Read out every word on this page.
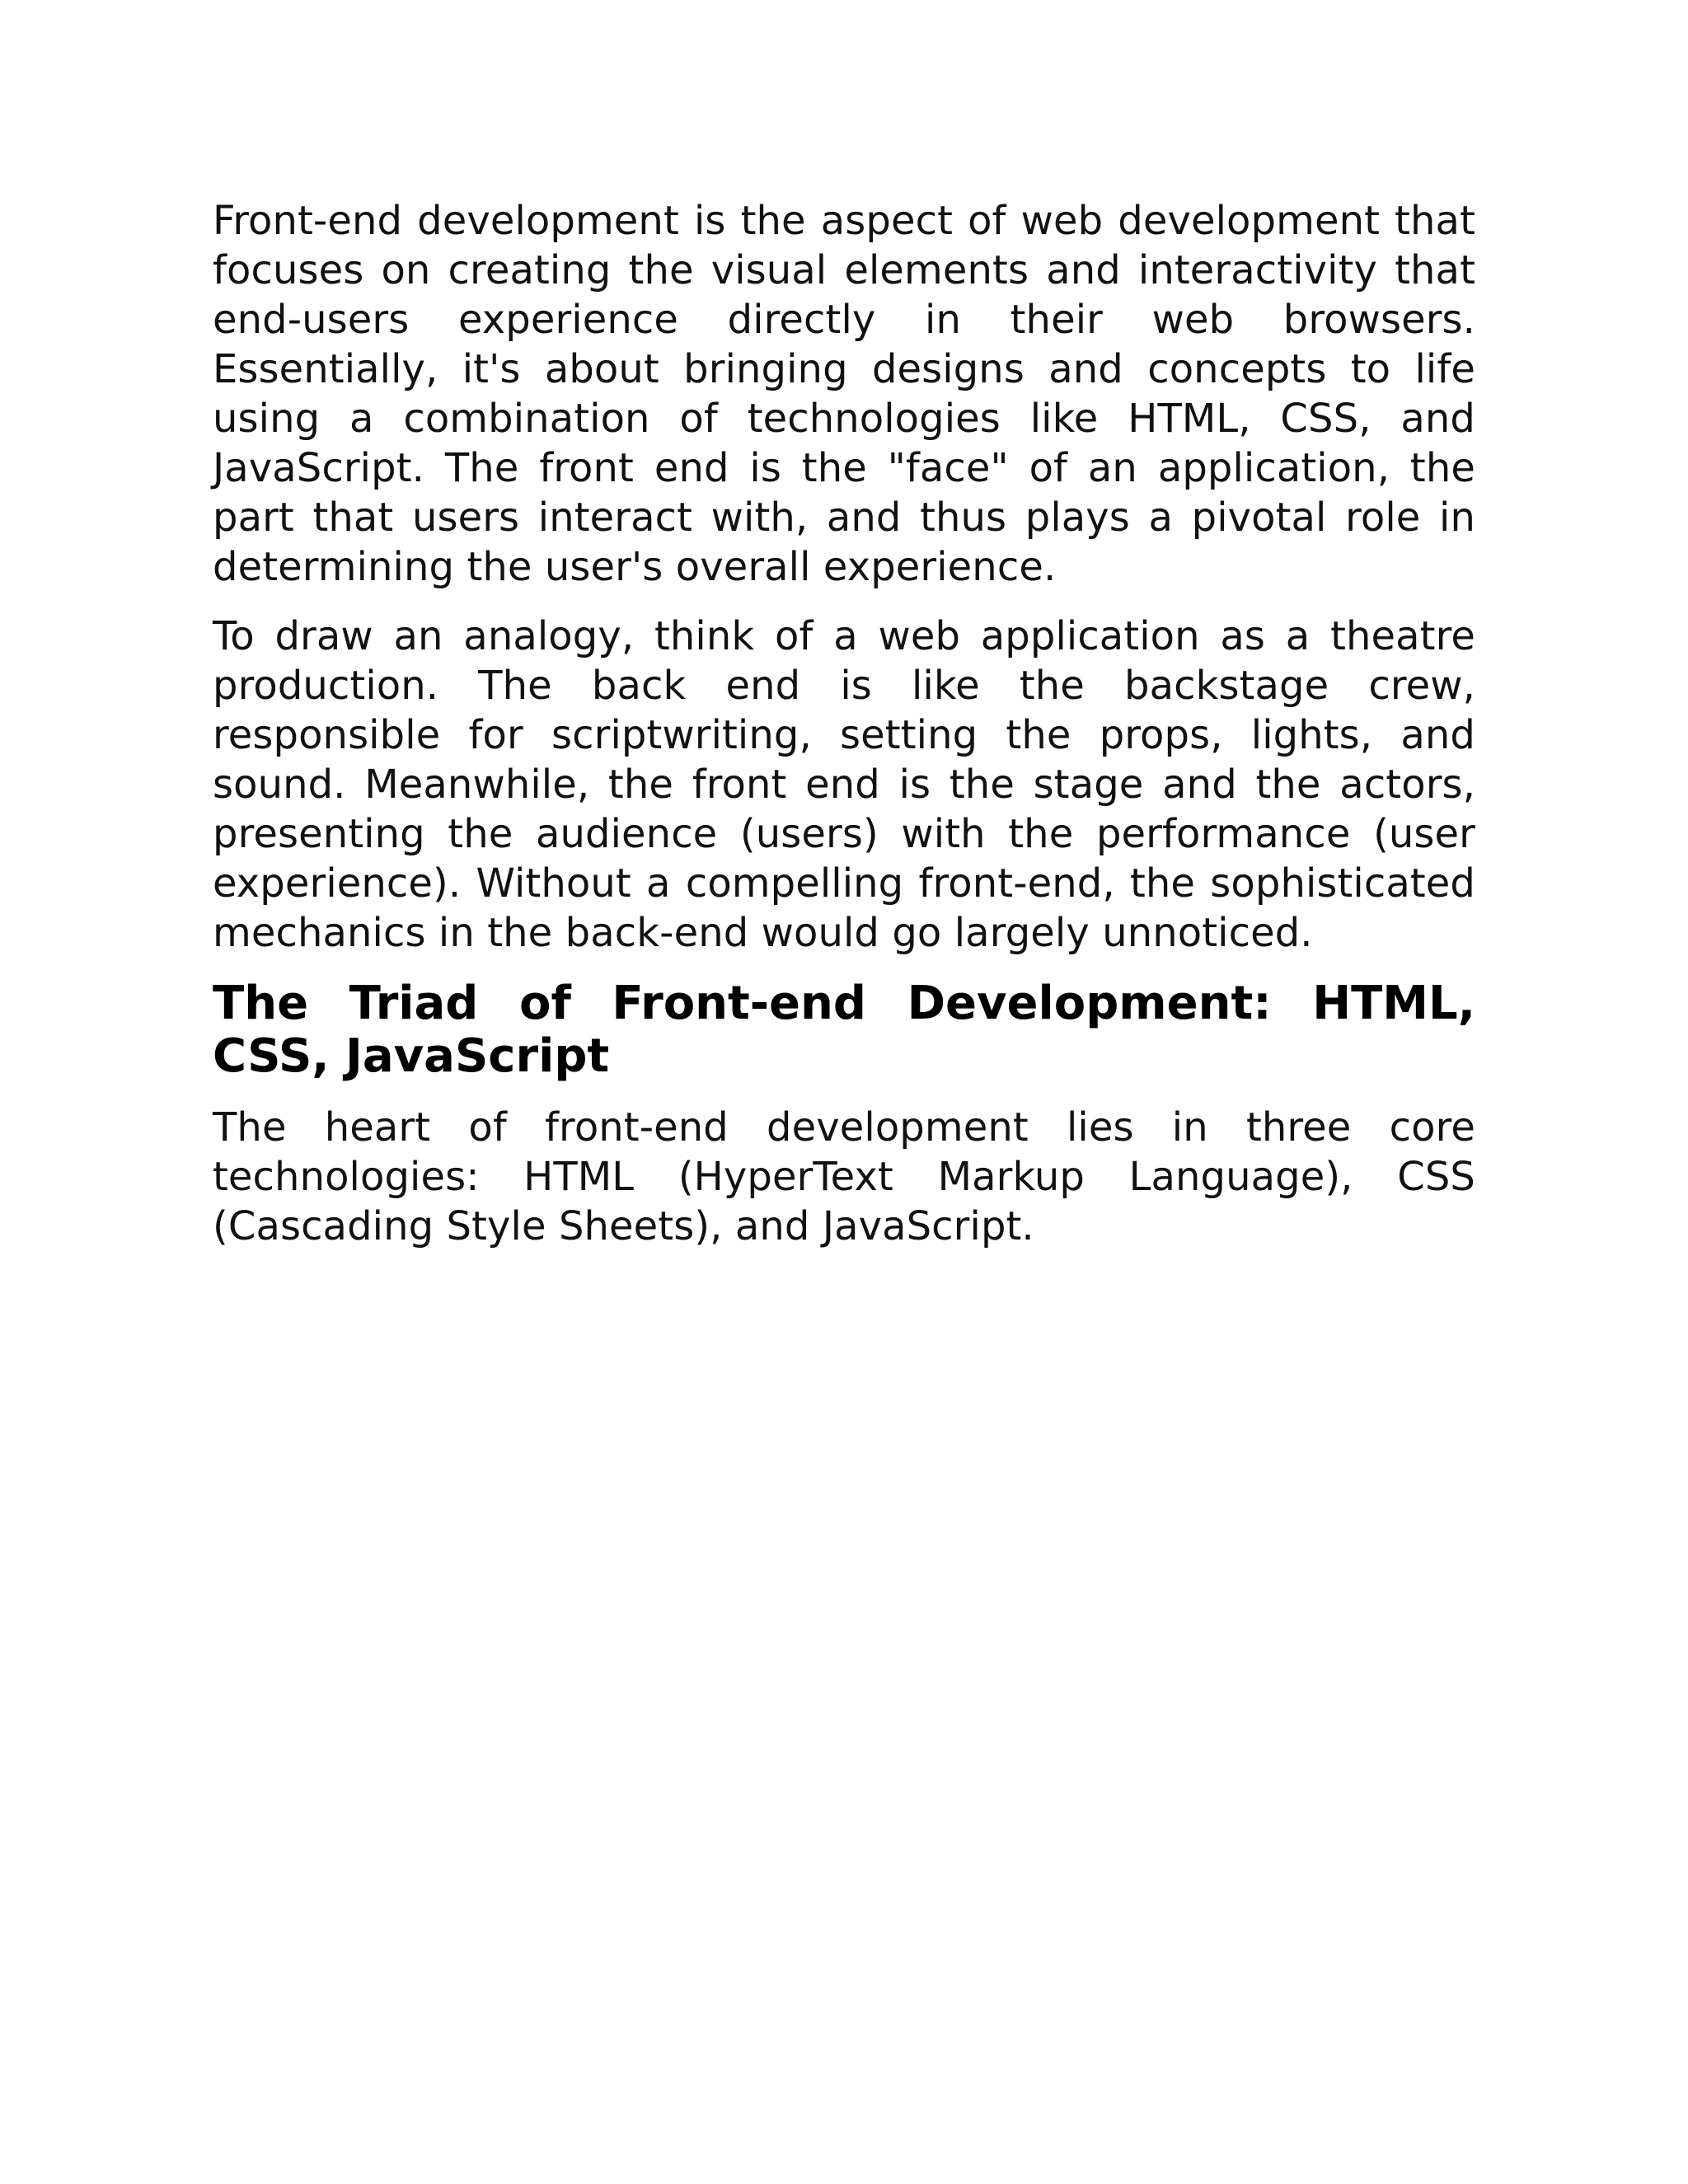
Front-end development is the aspect of web development that focuses on creating the visual elements and interactivity that end-users experience directly in their web browsers. Essentially, it's about bringing designs and concepts to life using a combination of technologies like HTML, CSS, and JavaScript. The front end is the "face" of an application, the part that users interact with, and thus plays a pivotal role in determining the user's overall experience.

To draw an analogy, think of a web application as a theatre production. The back end is like the backstage crew, responsible for scriptwriting, setting the props, lights, and sound. Meanwhile, the front end is the stage and the actors, presenting the audience (users) with the performance (user experience). Without a compelling front-end, the sophisticated mechanics in the back-end would go largely unnoticed.

The Triad of Front-end Development: HTML, CSS, JavaScript

The heart of front-end development lies in three core technologies: HTML (HyperText Markup Language), CSS (Cascading Style Sheets), and JavaScript.
